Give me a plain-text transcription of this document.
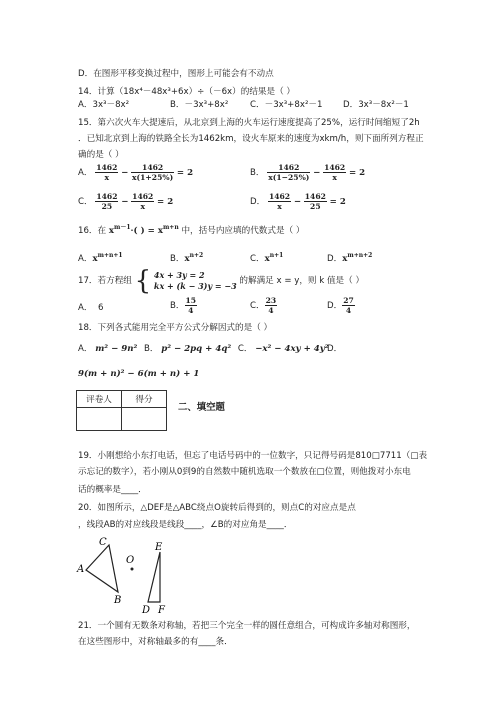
D．在图形平移变换过程中，图形上可能会有不动点
14．计算（18x⁴－48x³+6x）÷（－6x）的结果是（ ）
A．3x³－8x²	B．－3x³+8x²	C．－3x³+8x²－1 D．3x³－8x²－1
15．第六次火车大提速后，从北京到上海的火车运行速度提高了25%，运行时间缩短了2h
．已知北京到上海的铁路全长为1462km，设火车原来的速度为xkm/h，则下面所列方程正
确的是（ ）
A． $\frac{1462}{x} - \frac{1462}{x(1+25\%)} = 2$	B． $\frac{1462}{x(1-25\%)} - \frac{1462}{x} = 2$
C． $\frac{1462}{25} - \frac{1462}{x} = 2$	D． $\frac{1462}{x} - \frac{1462}{25} = 2$
16．在 $x^{m-1}\cdot$( ) = $x^{m+n}$ 中，括号内应填的代数式是（ ）
A．$x^{m+n+1}$	B．$x^{n+2}$	C．$x^{n+1}$	D．$x^{m+n+2}$
17．若方程组 { 4x + 3y = 2
kx + (k − 3)y = −3 的解满足 x = y，则 k 值是（ ）
A． 6	B． $\frac{15}{4}$	C． $\frac{23}{4}$	D． $\frac{27}{4}$
18．下列各式能用完全平方公式分解因式的是（ ）
A． m² − 9n² B． p² − 2pq + 4q² C． −x² − 4xy + 4y²
D．
9(m + n)² − 6(m + n) + 1
评卷人	得分

二、填空题
19．小刚想给小东打电话，但忘了电话号码中的一位数字，只记得号码是810□7711（□表
示忘记的数字），若小刚从0到9的自然数中随机选取一个数放在□位置，则他拨对小东电
话的概率是____．
20．如图所示，△DEF是△ABC绕点O旋转后得到的，则点C的对应点是点
，线段AB的对应线段是线段____，∠B的对应角是____．
C
A
B
O
E
D F
21．一个圆有无数条对称轴，若把三个完全一样的圆任意组合，可构成许多轴对称图形，
在这些图形中，对称轴最多的有____条．
